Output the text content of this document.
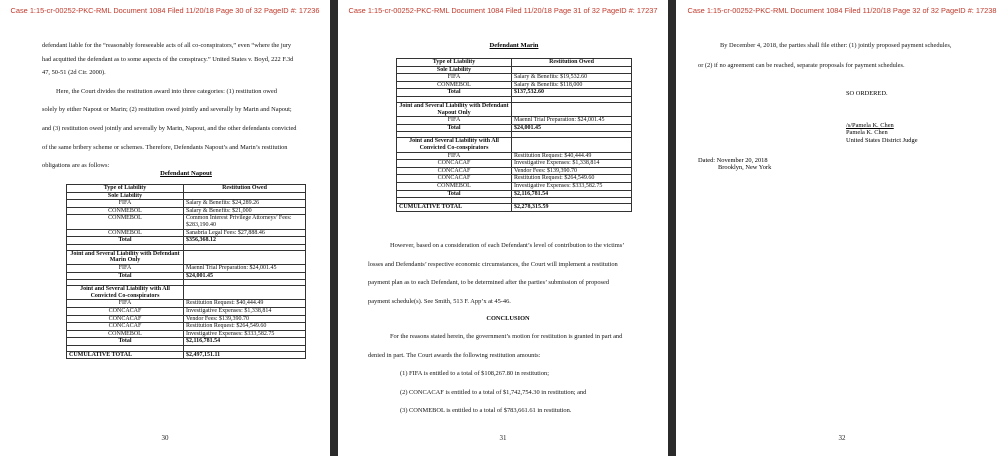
Case 1:15-cr-00252-PKC-RML Document 1084 Filed 11/20/18 Page 30 of 32 PageID #: 17236

defendant liable for the “reasonably foreseeable acts of all co-conspirators,” even “where the jury

had acquitted the defendant as to some aspects of the conspiracy.” United States v. Boyd, 222 F.3d

47, 50-51 (2d Cir. 2000).

Here, the Court divides the restitution award into three categories: (1) restitution owed

solely by either Napout or Marin; (2) restitution owed jointly and severally by Marin and Napout;

and (3) restitution owed jointly and severally by Marin, Napout, and the other defendants convicted

of the same bribery scheme or schemes. Therefore, Defendants Napout’s and Marin’s restitution

obligations are as follows:

Defendant Napout
Type of Liability	Restitution Owed
Sole Liability	
FIFA	Salary & Benefits: $24,289.26
CONMEBOL	Salary & Benefits: $21,000
CONMEBOL	Common Interest Privilege Attorneys’ Fees: $283,190.40
CONMEBOL	Sanabria Legal Fees: $27,888.46
Total	$356,368.12

Joint and Several Liability with Defendant Marin Only	
FIFA	Maennl Trial Preparation: $24,001.45
Total	$24,001.45

Joint and Several Liability with All Convicted Co-conspirators	
FIFA	Restitution Request: $40,444.49
CONCACAF	Investigative Expenses: $1,338,814
CONCACAF	Vendor Fees: $139,390.70
CONCACAF	Restitution Request: $264,549.60
CONMEBOL	Investigative Expenses: $333,582.75
Total	$2,116,781.54

CUMULATIVE TOTAL	$2,497,151.11
30
Case 1:15-cr-00252-PKC-RML Document 1084 Filed 11/20/18 Page 31 of 32 PageID #: 17237
Defendant Marin
Type of Liability	Restitution Owed
Sole Liability	
FIFA	Salary & Benefits: $19,532.60
CONMEBOL	Salary & Benefits: $118,000
Total	$137,532.60

Joint and Several Liability with Defendant Napout Only	
FIFA	Maennl Trial Preparation: $24,001.45
Total	$24,001.45

Joint and Several Liability with All Convicted Co-conspirators	
FIFA	Restitution Request: $40,444.49
CONCACAF	Investigative Expenses: $1,338,814
CONCACAF	Vendor Fees: $139,390.70
CONCACAF	Restitution Request: $264,549.60
CONMEBOL	Investigative Expenses: $333,582.75
Total	$2,116,781.54

CUMULATIVE TOTAL	$2,278,315.59

However, based on a consideration of each Defendant’s level of contribution to the victims’

losses and Defendants’ respective economic circumstances, the Court will implement a restitution

payment plan as to each Defendant, to be determined after the parties’ submission of proposed

payment schedule(s). See Smith, 513 F. App’x at 45-46.

CONCLUSION

For the reasons stated herein, the government’s motion for restitution is granted in part and

denied in part. The Court awards the following restitution amounts:

(1) FIFA is entitled to a total of $108,267.80 in restitution;

(2) CONCACAF is entitled to a total of $1,742,754.30 in restitution; and

(3) CONMEBOL is entitled to a total of $783,661.61 in restitution.

31
Case 1:15-cr-00252-PKC-RML Document 1084 Filed 11/20/18 Page 32 of 32 PageID #: 17238

By December 4, 2018, the parties shall file either: (1) jointly proposed payment schedules,

or (2) if no agreement can be reached, separate proposals for payment schedules.

SO ORDERED.
/s/Pamela K. Chen
Pamela K. Chen
United States District Judge
Dated: November 20, 2018
Brooklyn, New York
32
